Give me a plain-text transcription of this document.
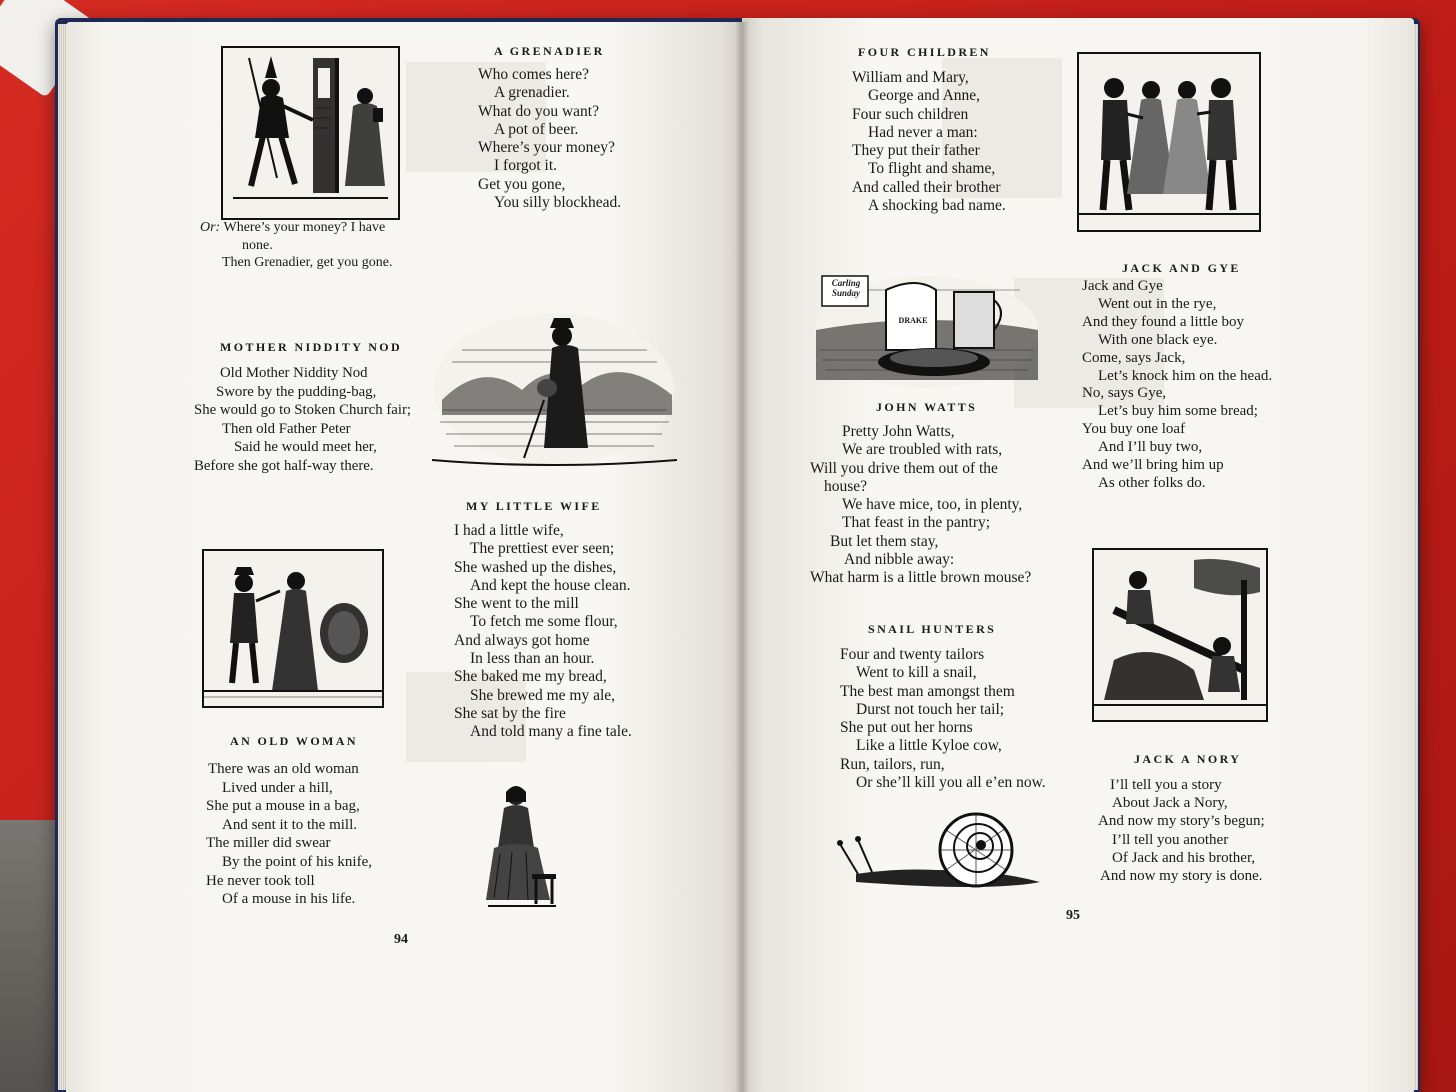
A GRENADIER
Who comes here?
A grenadier.
What do you want?
A pot of beer.
Where’s your money?
I forgot it.
Get you gone,
You silly blockhead.
Or: Where’s your money? I have
none.
Then Grenadier, get you gone.
MOTHER NIDDITY NOD
Old Mother Niddity Nod
Swore by the pudding-bag,
She would go to Stoken Church fair;
Then old Father Peter
Said he would meet her,
Before she got half-way there.
MY LITTLE WIFE
I had a little wife,
The prettiest ever seen;
She washed up the dishes,
And kept the house clean.
She went to the mill
To fetch me some flour,
And always got home
In less than an hour.
She baked me my bread,
She brewed me my ale,
She sat by the fire
And told many a fine tale.
AN OLD WOMAN
There was an old woman
Lived under a hill,
She put a mouse in a bag,
And sent it to the mill.
The miller did swear
By the point of his knife,
He never took toll
Of a mouse in his life.
94
FOUR CHILDREN
William and Mary,
George and Anne,
Four such children
Had never a man:
They put their father
To flight and shame,
And called their brother
A shocking bad name.
Carling
Sunday
DRAKE
JACK AND GYE
Jack and Gye
Went out in the rye,
And they found a little boy
With one black eye.
Come, says Jack,
Let’s knock him on the head.
No, says Gye,
Let’s buy him some bread;
You buy one loaf
And I’ll buy two,
And we’ll bring him up
As other folks do.
JOHN WATTS
Pretty John Watts,
We are troubled with rats,
Will you drive them out of the
house?
We have mice, too, in plenty,
That feast in the pantry;
But let them stay,
And nibble away:
What harm is a little brown mouse?
SNAIL HUNTERS
Four and twenty tailors
Went to kill a snail,
The best man amongst them
Durst not touch her tail;
She put out her horns
Like a little Kyloe cow,
Run, tailors, run,
Or she’ll kill you all e’en now.
JACK A NORY
I’ll tell you a story
About Jack a Nory,
And now my story’s begun;
I’ll tell you another
Of Jack and his brother,
And now my story is done.
95
